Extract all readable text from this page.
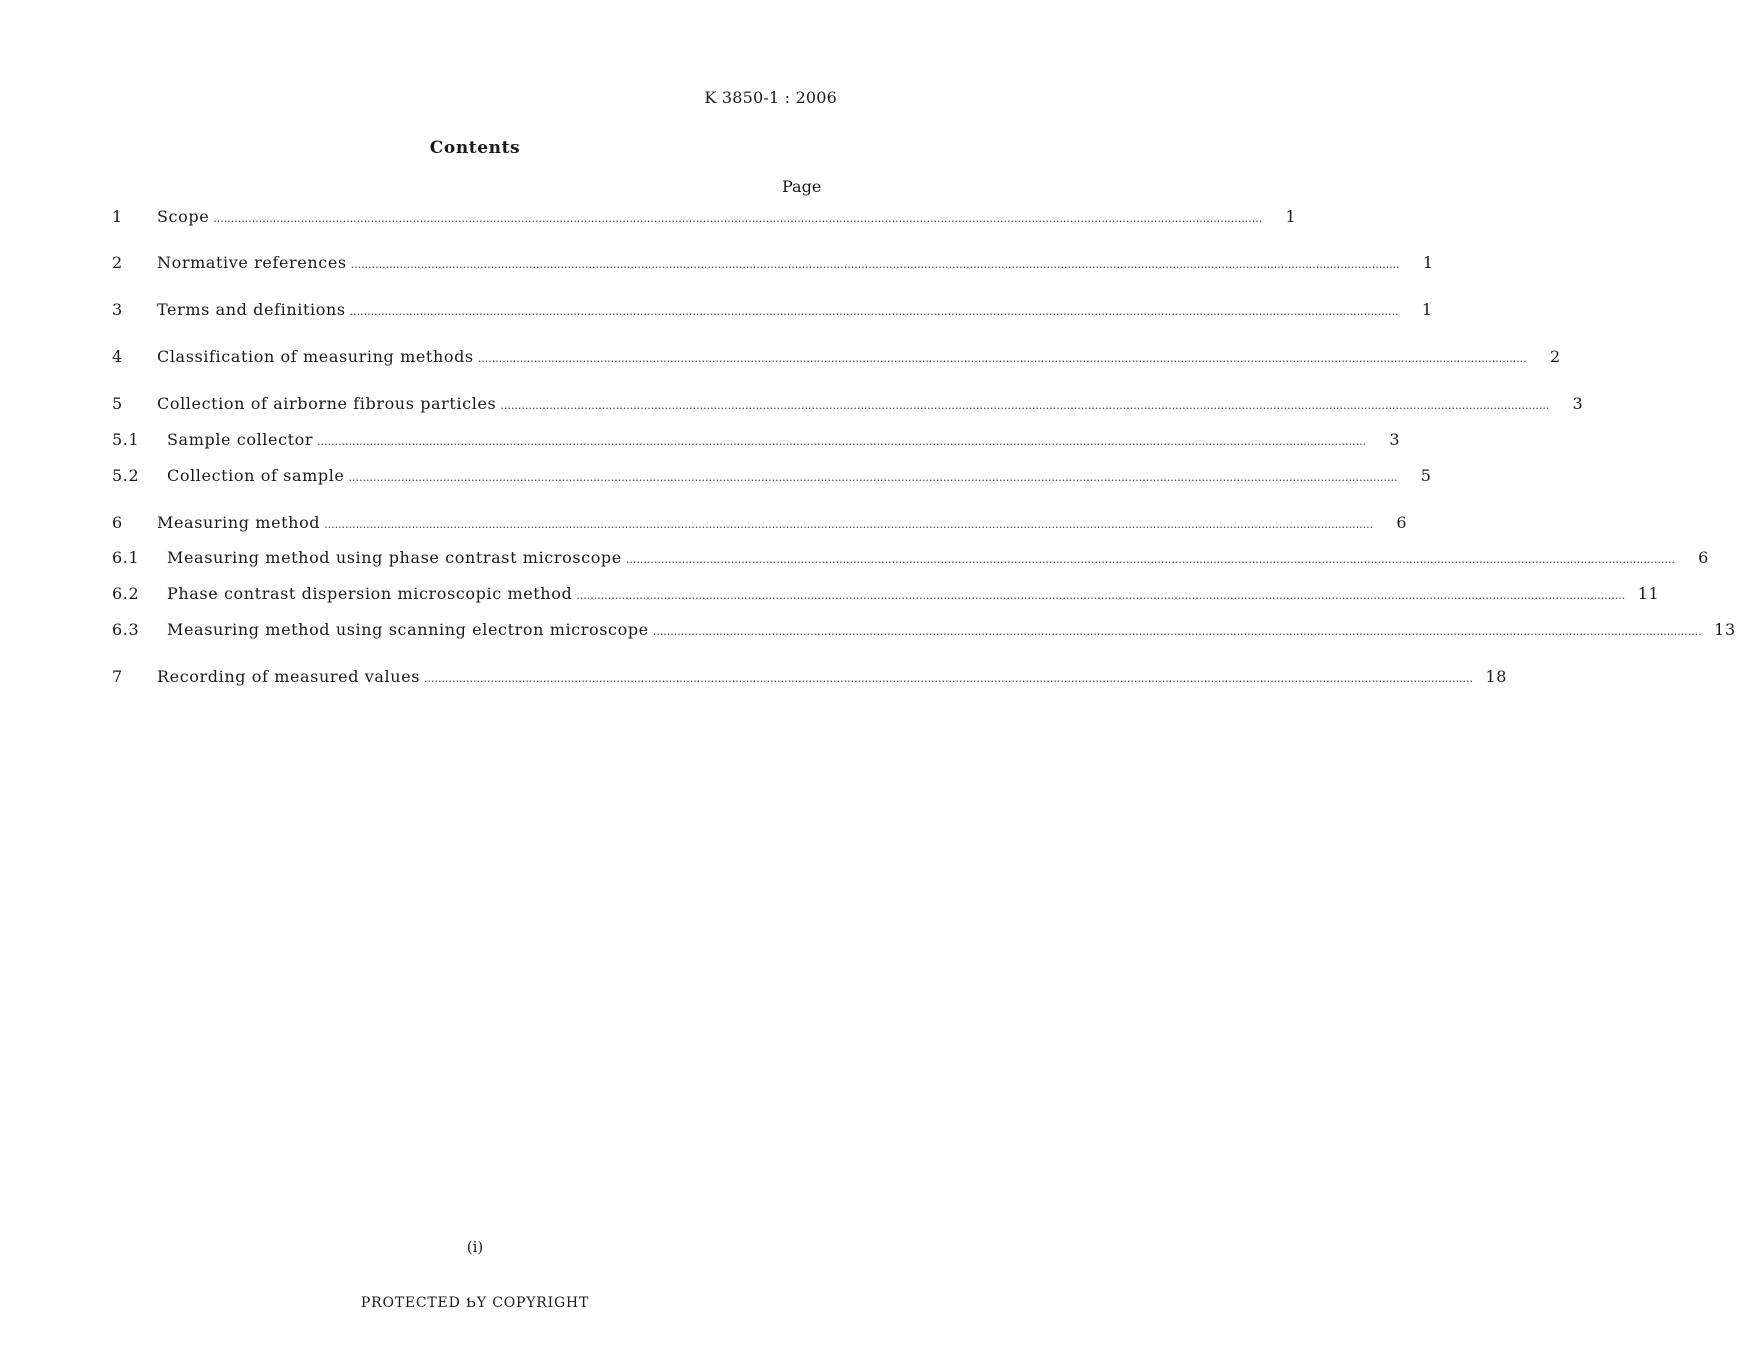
K 3850-1 : 2006
Contents
Page
1	Scope ............................................................................................................................................................................................................................................................................................................	1
2	Normative references ............................................................................................................................................................................................................................................................................................................	1
3	Terms and definitions ............................................................................................................................................................................................................................................................................................................	1
4	Classification of measuring methods ............................................................................................................................................................................................................................................................................................................	2
5	Collection of airborne fibrous particles ............................................................................................................................................................................................................................................................................................................	3
5.1	Sample collector ............................................................................................................................................................................................................................................................................................................	3
5.2	Collection of sample ............................................................................................................................................................................................................................................................................................................	5
6	Measuring method ............................................................................................................................................................................................................................................................................................................	6
6.1	Measuring method using phase contrast microscope ............................................................................................................................................................................................................................................................................................................	6
6.2	Phase contrast dispersion microscopic method ............................................................................................................................................................................................................................................................................................................ 11
6.3	Measuring method using scanning electron microscope ............................................................................................................................................................................................................................................................................................................ 13
7	Recording of measured values ............................................................................................................................................................................................................................................................................................................ 18
(i)
PROTECTED ƄY COPYRIGHT
